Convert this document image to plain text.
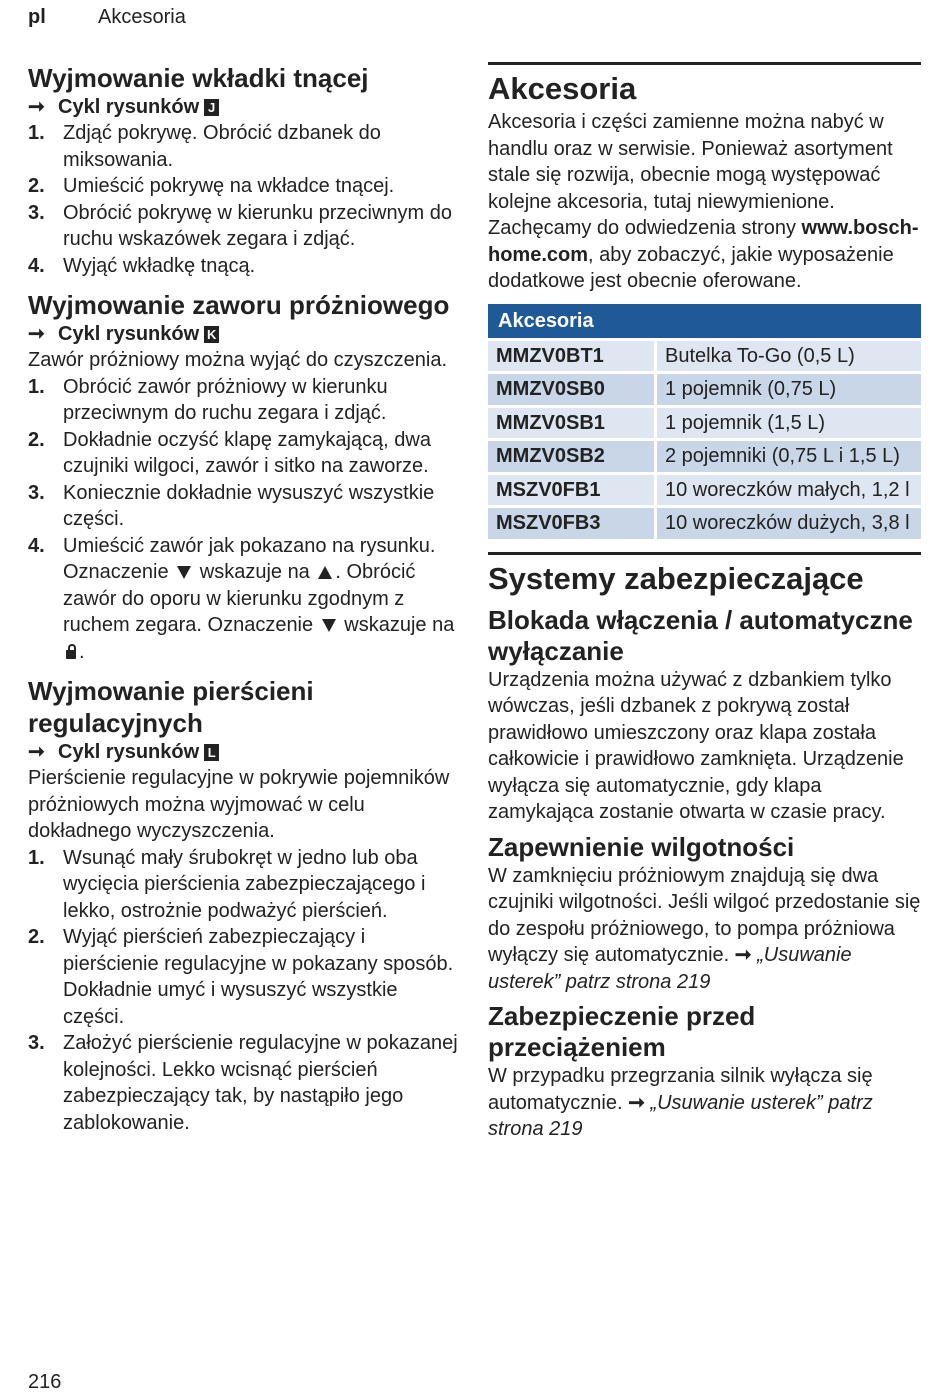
pl	Akcesoria
Wyjmowanie wkładki tnącej
➞ Cykl rysunków J
1. Zdjąć pokrywę. Obrócić dzbanek do miksowania.
2. Umieścić pokrywę na wkładce tnącej.
3. Obrócić pokrywę w kierunku przeciwnym do ruchu wskazówek zegara i zdjąć.
4. Wyjąć wkładkę tnącą.
Wyjmowanie zaworu próżniowego
➞ Cykl rysunków K

Zawór próżniowy można wyjąć do czyszczenia.

1. Obrócić zawór próżniowy w kierunku przeciwnym do ruchu zegara i zdjąć.
2. Dokładnie oczyść klapę zamykającą, dwa czujniki wilgoci, zawór i sitko na zaworze.
3. Koniecznie dokładnie wysuszyć wszystkie części.
4. Umieścić zawór jak pokazano na rysunku. Oznaczenie wskazuje na . Obrócić zawór do oporu w kierunku zgodnym z ruchem zegara. Oznaczenie wskazuje na .
Wyjmowanie pierścieni regulacyjnych
➞ Cykl rysunków L

Pierścienie regulacyjne w pokrywie pojemników próżniowych można wyjmować w celu dokładnego wyczyszczenia.

1. Wsunąć mały śrubokręt w jedno lub oba wycięcia pierścienia zabezpieczającego i lekko, ostrożnie podważyć pierścień.
2. Wyjąć pierścień zabezpieczający i pierścienie regulacyjne w pokazany sposób. Dokładnie umyć i wysuszyć wszystkie części.
3. Założyć pierścienie regulacyjne w pokazanej kolejności. Lekko wcisnąć pierścień zabezpieczający tak, by nastąpiło jego zablokowanie.
Akcesoria

Akcesoria i części zamienne można nabyć w handlu oraz w serwisie. Ponieważ asortyment stale się rozwija, obecnie mogą występować kolejne akcesoria, tutaj niewymienione. Zachęcamy do odwiedzenia strony www.bosch-home.com, aby zobaczyć, jakie wyposażenie dodatkowe jest obecnie oferowane.

Akcesoria	
MMZV0BT1	Butelka To-Go (0,5 L)
MMZV0SB0	1 pojemnik (0,75 L)
MMZV0SB1	1 pojemnik (1,5 L)
MMZV0SB2	2 pojemniki (0,75 L i 1,5 L)
MSZV0FB1	10 woreczków małych, 1,2 l
MSZV0FB3	10 woreczków dużych, 3,8 l
Systemy zabezpieczające
Blokada włączenia / automatyczne wyłączanie

Urządzenia można używać z dzbankiem tylko wówczas, jeśli dzbanek z pokrywą został prawidłowo umieszczony oraz klapa została całkowicie i prawidłowo zamknięta. Urządzenie wyłącza się automatycznie, gdy klapa zamykająca zostanie otwarta w czasie pracy.

Zapewnienie wilgotności

W zamknięciu próżniowym znajdują się dwa czujniki wilgotności. Jeśli wilgoć przedostanie się do zespołu próżniowego, to pompa próżniowa wyłączy się automatycznie. ➞ „Usuwanie usterek” patrz strona 219

Zabezpieczenie przed przeciążeniem

W przypadku przegrzania silnik wyłącza się automatycznie. ➞ „Usuwanie usterek” patrz strona 219

216
